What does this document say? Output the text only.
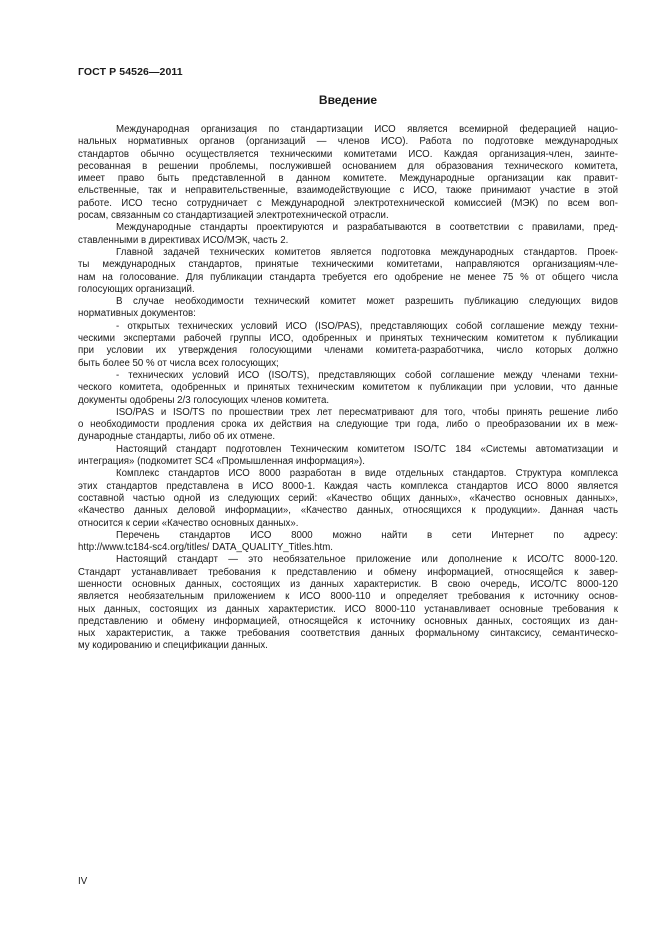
ГОСТ Р 54526—2011

Введение

Международная организация по стандартизации ИСО является всемирной федерацией нацио-
нальных нормативных органов (организаций — членов ИСО). Работа по подготовке международных
стандартов обычно осуществляется техническими комитетами ИСО. Каждая организация-член, заинте-
ресованная в решении проблемы, послужившей основанием для образования технического комитета,
имеет право быть представленной в данном комитете. Международные организации как правит-
ельственные, так и неправительственные, взаимодействующие с ИСО, также принимают участие в этой
работе. ИСО тесно сотрудничает с Международной электротехнической комиссией (МЭК) по всем воп-
росам, связанным со стандартизацией электротехнической отрасли.

Международные стандарты проектируются и разрабатываются в соответствии с правилами, пред-
ставленными в директивах ИСО/МЭК, часть 2.

Главной задачей технических комитетов является подготовка международных стандартов. Проек-
ты международных стандартов, принятые техническими комитетами, направляются организациям-чле-
нам на голосование. Для публикации стандарта требуется его одобрение не менее 75 % от общего числа
голосующих организаций.

В случае необходимости технический комитет может разрешить публикацию следующих видов
нормативных документов:

- открытых технических условий ИСО (ISO/PAS), представляющих собой соглашение между техни-
ческими экспертами рабочей группы ИСО, одобренных и принятых техническим комитетом к публикации
при условии их утверждения голосующими членами комитета-разработчика, число которых должно
быть более 50 % от числа всех голосующих;

- технических условий ИСО (ISO/TS), представляющих собой соглашение между членами техни-
ческого комитета, одобренных и принятых техническим комитетом к публикации при условии, что данные
документы одобрены 2/3 голосующих членов комитета.

ISO/PAS и ISO/TS по прошествии трех лет пересматривают для того, чтобы принять решение либо
о необходимости продления срока их действия на следующие три года, либо о преобразовании их в меж-
дународные стандарты, либо об их отмене.

Настоящий стандарт подготовлен Техническим комитетом ISO/TC 184 «Системы автоматизации и
интеграция» (подкомитет SC4 «Промышленная информация»).

Комплекс стандартов ИСО 8000 разработан в виде отдельных стандартов. Структура комплекса
этих стандартов представлена в ИСО 8000-1. Каждая часть комплекса стандартов ИСО 8000 является
составной частью одной из следующих серий: «Качество общих данных», «Качество основных данных»,
«Качество данных деловой информации», «Качество данных, относящихся к продукции». Данная часть
относится к серии «Качество основных данных».

Перечень стандартов ИСО 8000 можно найти в сети Интернет по адресу:
http://www.tc184-sc4.org/titles/ DATA_QUALITY_Titles.htm.

Настоящий стандарт — это необязательное приложение или дополнение к ИСО/ТС 8000-120.
Стандарт устанавливает требования к представлению и обмену информацией, относящейся к завер-
шенности основных данных, состоящих из данных характеристик. В свою очередь, ИСО/ТС 8000-120
является необязательным приложением к ИСО 8000-110 и определяет требования к источнику основ-
ных данных, состоящих из данных характеристик. ИСО 8000-110 устанавливает основные требования к
представлению и обмену информацией, относящейся к источнику основных данных, состоящих из дан-
ных характеристик, а также требования соответствия данных формальному синтаксису, семантическо-
му кодированию и спецификации данных.

IV
